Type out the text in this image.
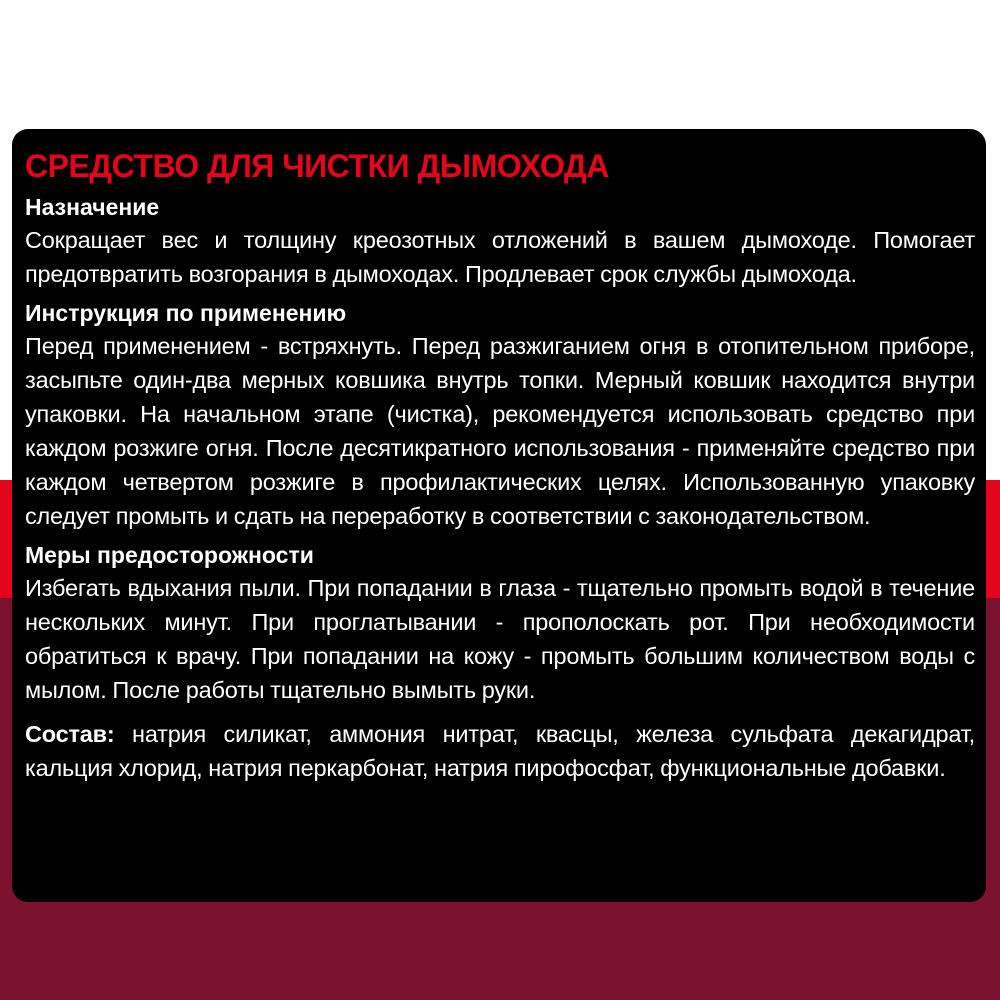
СРЕДСТВО ДЛЯ ЧИСТКИ ДЫМОХОДА
Назначение

Сокращает вес и толщину креозотных отложений в вашем дымоходе. Помогает предотвратить возгорания в дымоходах. Продлевает срок службы дымохода.

Инструкция по применению

Перед применением - встряхнуть. Перед разжиганием огня в отопительном приборе, засыпьте один-два мерных ковшика внутрь топки. Мерный ковшик находится внутри упаковки. На начальном этапе (чистка), рекомендуется использовать средство при каждом розжиге огня. После десятикратного использования - применяйте средство при каждом четвертом розжиге в профилактических целях. Использованную упаковку следует промыть и сдать на переработку в соответствии с законодательством.

Меры предосторожности

Избегать вдыхания пыли. При попадании в глаза - тщательно промыть водой в течение нескольких минут. При проглатывании - прополоскать рот. При необходимости обратиться к врачу. При попадании на кожу - промыть большим количеством воды с мылом. После работы тщательно вымыть руки.

Состав: натрия силикат, аммония нитрат, квасцы, железа сульфата декагидрат, кальция хлорид, натрия перкарбонат, натрия пирофосфат, функциональные добавки.
